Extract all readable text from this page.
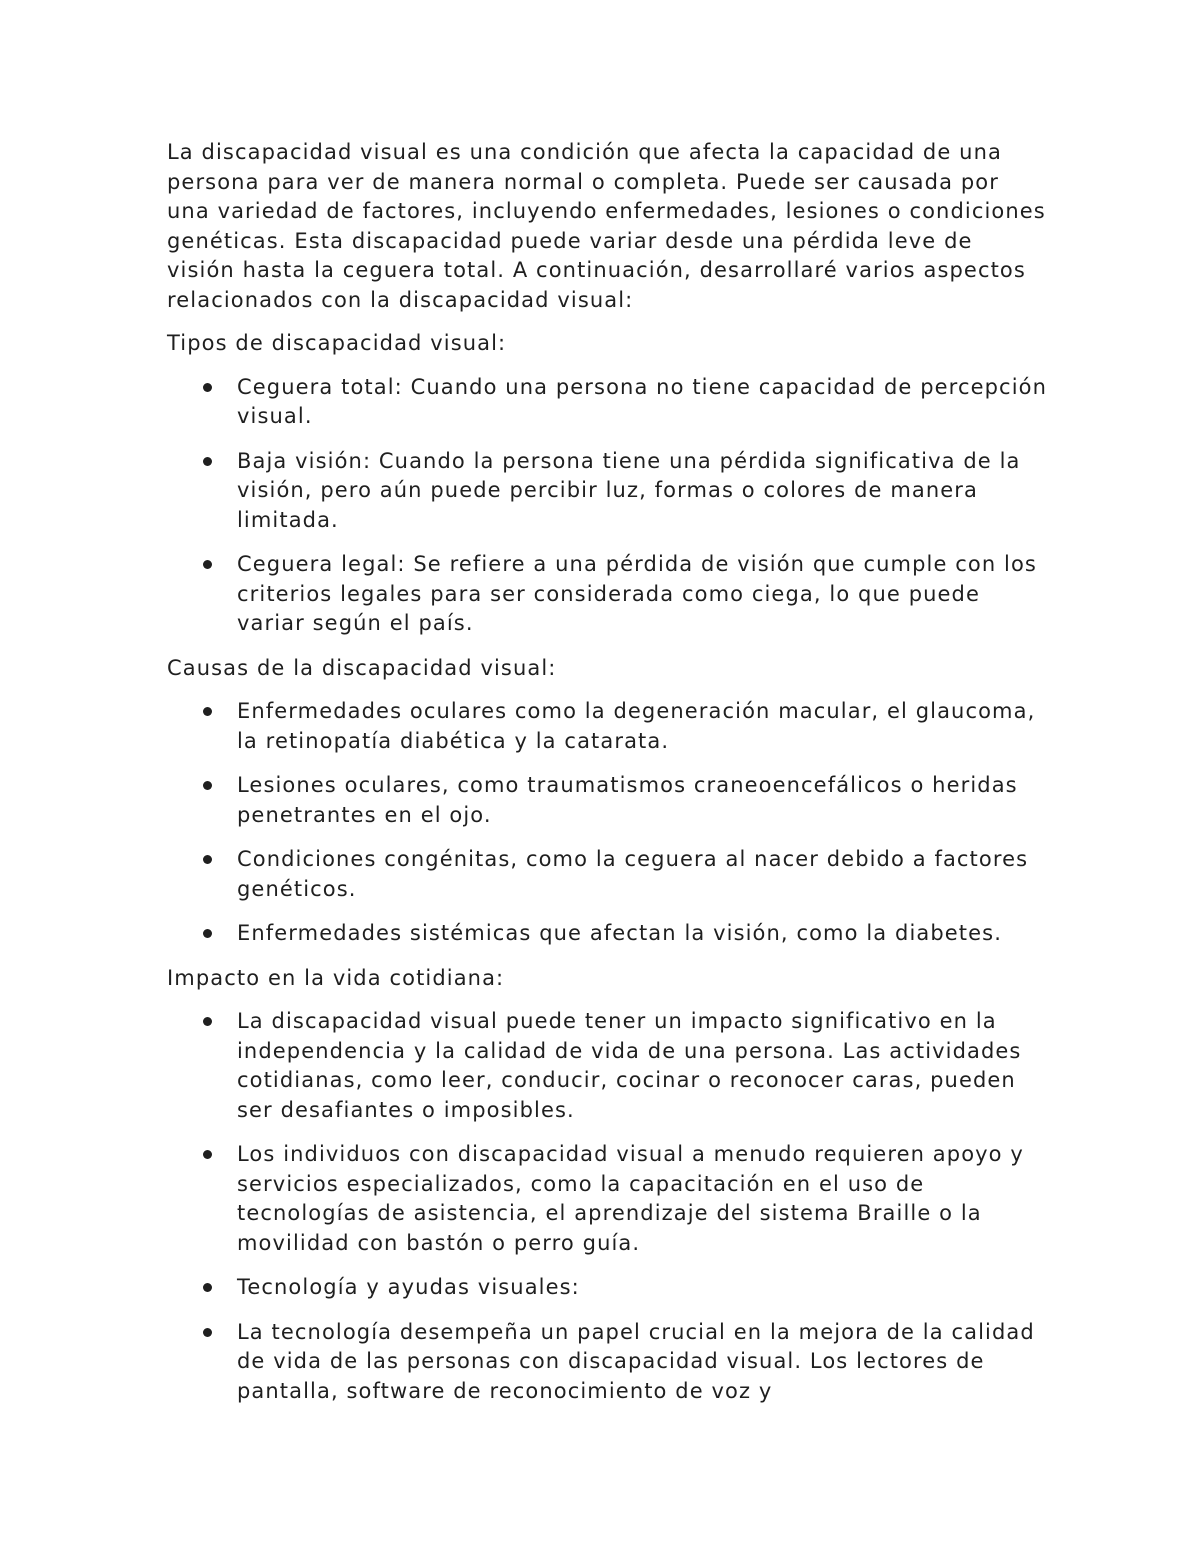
La discapacidad visual es una condición que afecta la capacidad de una persona para ver de manera normal o completa. Puede ser causada por una variedad de factores, incluyendo enfermedades, lesiones o condiciones genéticas. Esta discapacidad puede variar desde una pérdida leve de visión hasta la ceguera total. A continuación, desarrollaré varios aspectos relacionados con la discapacidad visual:

Tipos de discapacidad visual:

Ceguera total: Cuando una persona no tiene capacidad de percepción visual.
Baja visión: Cuando la persona tiene una pérdida significativa de la visión, pero aún puede percibir luz, formas o colores de manera limitada.
Ceguera legal: Se refiere a una pérdida de visión que cumple con los criterios legales para ser considerada como ciega, lo que puede variar según el país.

Causas de la discapacidad visual:

Enfermedades oculares como la degeneración macular, el glaucoma, la retinopatía diabética y la catarata.
Lesiones oculares, como traumatismos craneoencefálicos o heridas penetrantes en el ojo.
Condiciones congénitas, como la ceguera al nacer debido a factores genéticos.
Enfermedades sistémicas que afectan la visión, como la diabetes.

Impacto en la vida cotidiana:

La discapacidad visual puede tener un impacto significativo en la independencia y la calidad de vida de una persona. Las actividades cotidianas, como leer, conducir, cocinar o reconocer caras, pueden ser desafiantes o imposibles.
Los individuos con discapacidad visual a menudo requieren apoyo y servicios especializados, como la capacitación en el uso de tecnologías de asistencia, el aprendizaje del sistema Braille o la movilidad con bastón o perro guía.
Tecnología y ayudas visuales:
La tecnología desempeña un papel crucial en la mejora de la calidad de vida de las personas con discapacidad visual. Los lectores de pantalla, software de reconocimiento de voz y
